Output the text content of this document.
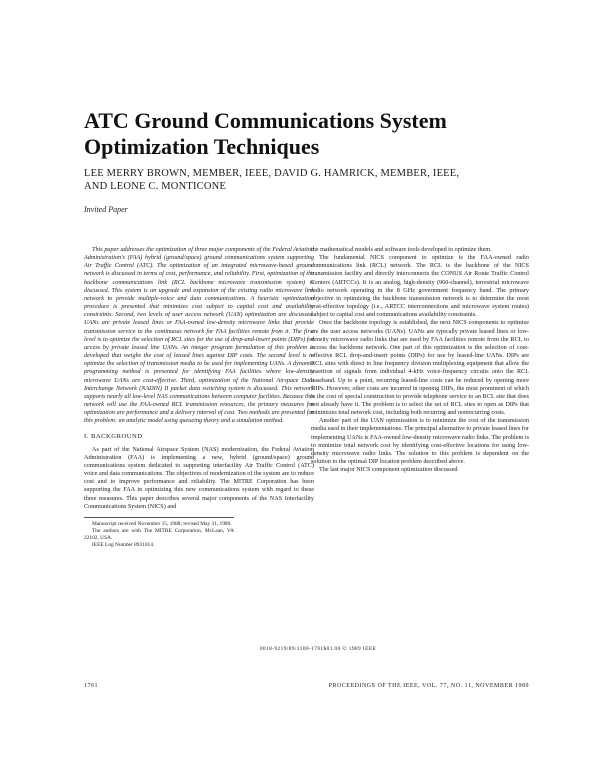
ATC Ground Communications System
Optimization Techniques
LEE MERRY BROWN, MEMBER, IEEE, DAVID G. HAMRICK, MEMBER, IEEE,
AND LEONE C. MONTICONE
Invited Paper

This paper addresses the optimization of three major components of the Federal Aviation Administration's (FAA) hybrid (ground/space) ground communications system supporting Air Traffic Control (ATC). The optimization of an integrated microwave-based ground network is discussed in terms of cost, performance, and reliability. First, optimization of the backbone communications link (RCL backbone microwave transmission system) is discussed. This system is an upgrade and expansion of the existing radio microwave link network to provide multiple-voice and data communications. A heuristic optimization procedure is presented that minimizes cost subject to capital cost and availability constraints. Second, two levels of user access network (UAN) optimization are discussed. UANs are private leased lines or FAA-owned low-density microwave links that provide transmission service to the continuous network for FAA facilities remote from it. The first level is to optimize the selection of RCL sites for the use of drop-and-insert points (DIPs) for access by private leased line UANs. An integer program formulation of this problem is developed that weighs the cost of leased lines against DIP costs. The second level is to optimize the selection of transmission media to be used for implementing UANs. A dynamic programming method is presented for identifying FAA facilities where low-density microwave UANs are cost-effective. Third, optimization of the National Airspace Data Interchange Network (NADIN) II packet data switching system is discussed. This network supports nearly all low-level NAS communications between computer facilities. Because this network will use the FAA-owned RCL transmission resources, the primary measures for optimization are performance and a delivery interval of cost. Two methods are presented for this problem: an analytic model using queueing theory and a simulation method.

I. BACKGROUND

As part of the National Airspace System (NAS) modernization, the Federal Aviation Administration (FAA) is implementing a new, hybrid (ground/space) ground communications system dedicated to supporting interfacility Air Traffic Control (ATC) voice and data communications. The objectives of modernization of the system are to reduce cost and to improve performance and reliability. The MITRE Corporation has been supporting the FAA in optimizing this new communications system with regard to these three measures. This paper describes several major components of the NAS Interfacility Communications System (NICS) and

Manuscript received November 15, 1988; revised May 31, 1989.

The authors are with The MITRE Corporation, McLean, VA 22102, USA.

IEEE Log Number 8931014.

the mathematical models and software tools developed to optimize them.

The fundamental NICS component to optimize is the FAA-owned radio communications link (RCL) network. The RCL is the backbone of the NICS transmission facility and directly interconnects the CONUS Air Route Traffic Control Centers (ARTCCs). It is an analog, high-density (960-channel), terrestrial microwave radio network operating in the 8 GHz government frequency band. The primary objective in optimizing the backbone transmission network is to determine the most cost-effective topology (i.e., ARTCC interconnections and microwave system routes) subject to capital cost and communications availability constraints.

Once the backbone topology is established, the next NICS components to optimize are the user access networks (UANs). UANs are typically private leased lines or low-density microwave radio links that are used by FAA facilities remote from the RCL to access the backbone network. One part of this optimization is the selection of cost-effective RCL drop-and-insert points (DIPs) for use by leased-line UANs. DIPs are RCL sites with direct to line frequency division multiplexing equipment that allow the insertion of signals from individual 4-kHz voice-frequency circuits onto the RCL baseband. Up to a point, recurring leased-line costs can be reduced by opening more DIPs. However, other costs are incurred in opening DIPs, the most prominent of which is the cost of special construction to provide telephone service to an RCL site that does not already have it. The problem is to select the set of RCL sites to open as DIPs that minimizes total network cost, including both recurring and nonrecurring costs.

Another part of the UAN optimization is to minimize the cost of the transmission media used in their implementations. The principal alternative to private leased lines for implementing UANs is FAA-owned low-density microwave radio links. The problem is to minimize total network cost by identifying cost-effective locations for using low-density microwave radio links. The solution to this problem is dependent on the solution to the optimal DIP location problem described above.

The last major NICS component optimization discussed

0018-9219/89/1100-1761$01.00 © 1989 IEEE
1761	PROCEEDINGS OF THE IEEE, VOL. 77, NO. 11, NOVEMBER 1989
